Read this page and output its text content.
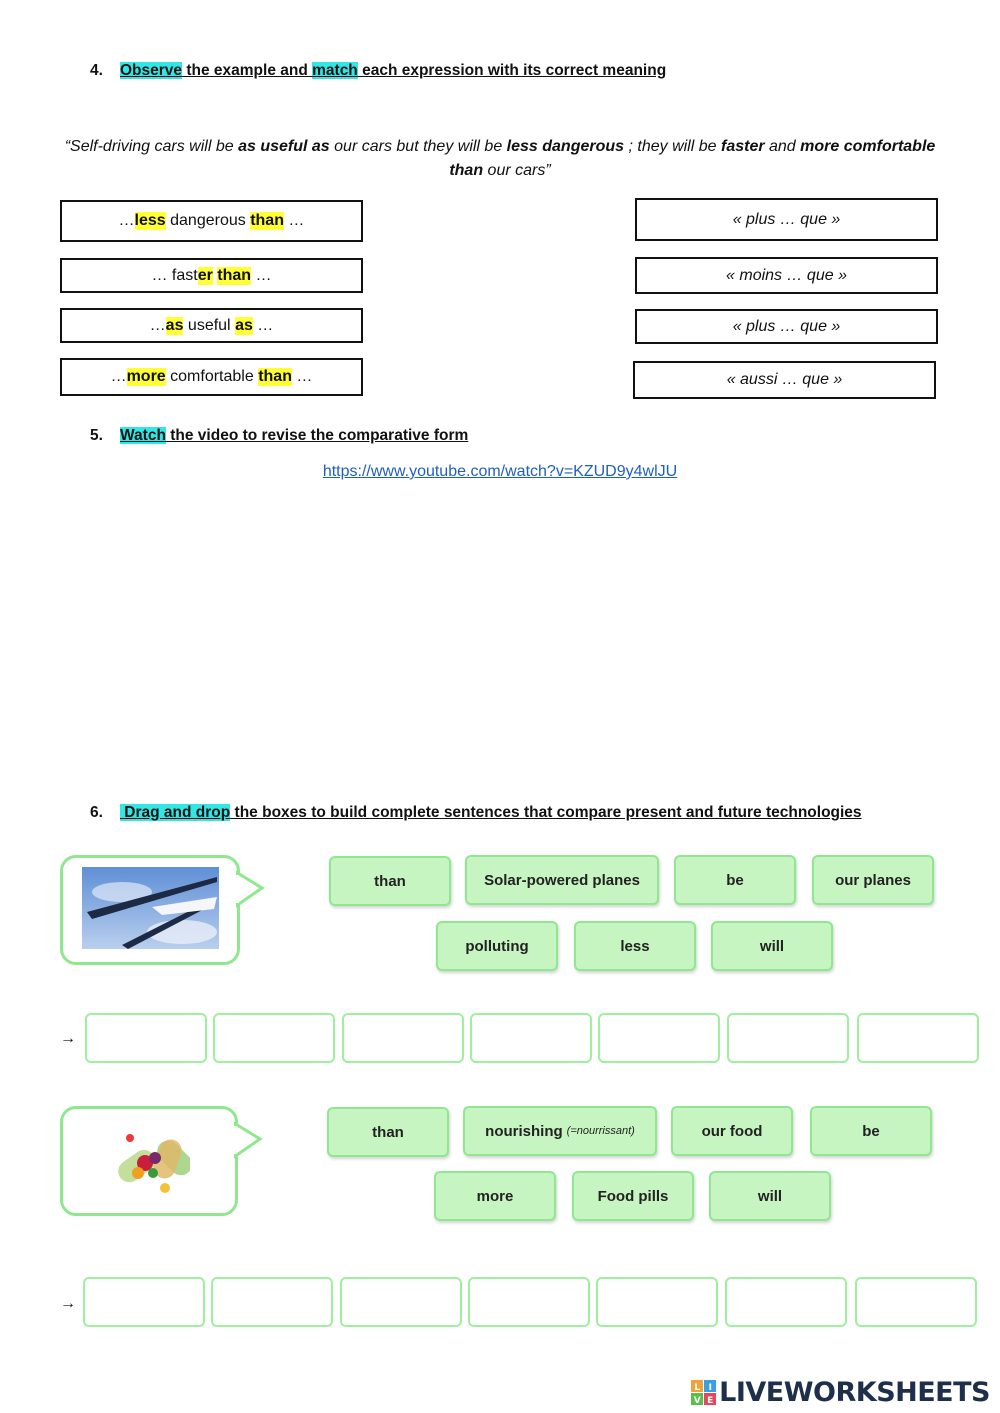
4. Observe the example and match each expression with its correct meaning
“Self-driving cars will be as useful as our cars but they will be less dangerous ; they will be faster and more comfortable than our cars”
… less dangerous than …
… fast er
than …
… as useful as …
… more comfortable than …
« plus … que »
« moins … que »
« plus … que »
« aussi … que »
5. Watch the video to revise the comparative form
https://www.youtube.com/watch?v=KZUD9y4wlJU
6. Drag and drop the boxes to build complete sentences that compare present and future technologies
than	Solar-powered planes	be	our planes
polluting	less	will
→
than	nourishing (=nourrissant)	our food	be
more	Food pills	will
→
L I
V E LIVEWORKSHEETS
